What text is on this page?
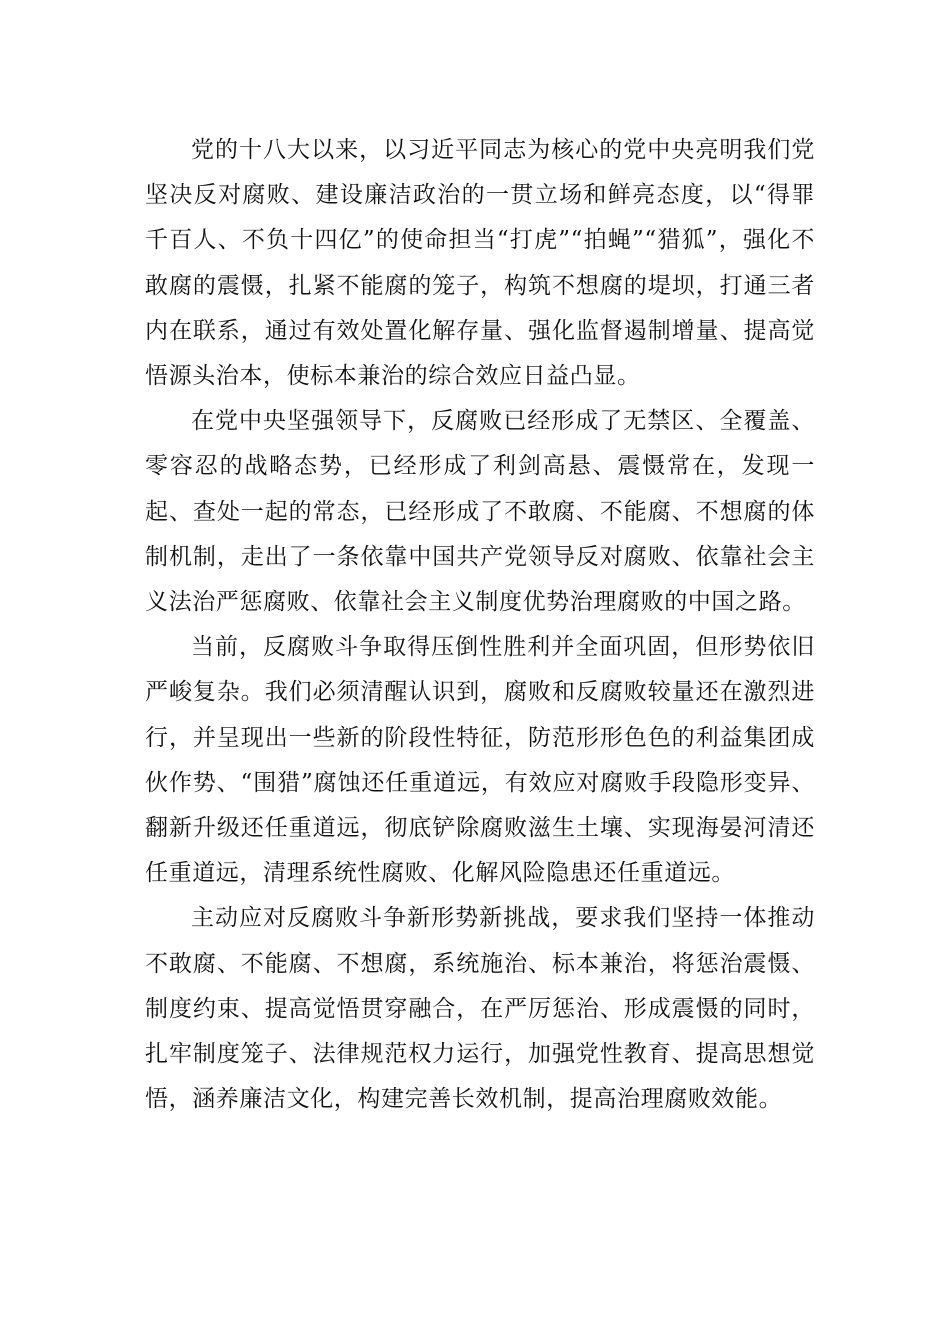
党的十八大以来，以习近平同志为核心的党中央亮明我们党坚决反对腐败、建设廉洁政治的一贯立场和鲜亮态度，以“得罪千百人、不负十四亿”的使命担当“打虎”“拍蝇”“猎狐”，强化不敢腐的震慑，扎紧不能腐的笼子，构筑不想腐的堤坝，打通三者内在联系，通过有效处置化解存量、强化监督遏制增量、提高觉悟源头治本，使标本兼治的综合效应日益凸显。

在党中央坚强领导下，反腐败已经形成了无禁区、全覆盖、零容忍的战略态势，已经形成了利剑高悬、震慑常在，发现一起、查处一起的常态，已经形成了不敢腐、不能腐、不想腐的体制机制，走出了一条依靠中国共产党领导反对腐败、依靠社会主义法治严惩腐败、依靠社会主义制度优势治理腐败的中国之路。

当前，反腐败斗争取得压倒性胜利并全面巩固，但形势依旧严峻复杂。我们必须清醒认识到，腐败和反腐败较量还在激烈进行，并呈现出一些新的阶段性特征，防范形形色色的利益集团成伙作势、“围猎”腐蚀还任重道远，有效应对腐败手段隐形变异、翻新升级还任重道远，彻底铲除腐败滋生土壤、实现海晏河清还任重道远，清理系统性腐败、化解风险隐患还任重道远。

主动应对反腐败斗争新形势新挑战，要求我们坚持一体推动不敢腐、不能腐、不想腐，系统施治、标本兼治，将惩治震慑、制度约束、提高觉悟贯穿融合，在严厉惩治、形成震慑的同时，扎牢制度笼子、法律规范权力运行，加强党性教育、提高思想觉悟，涵养廉洁文化，构建完善长效机制，提高治理腐败效能。
